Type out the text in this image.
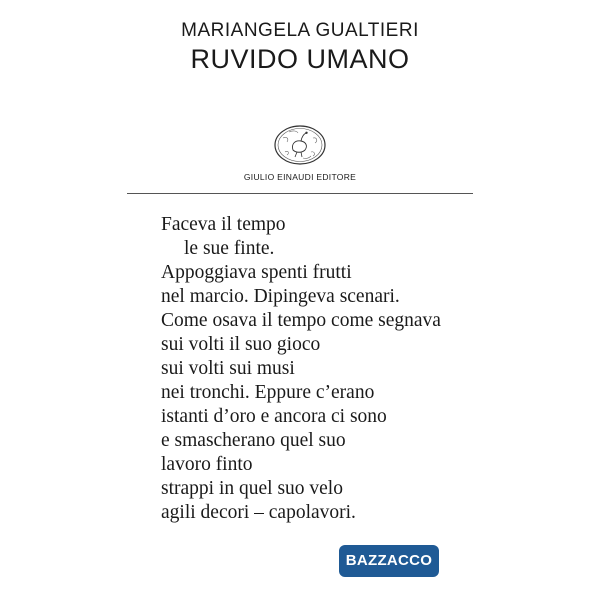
MARIANGELA GUALTIERI
RUVIDO UMANO
GIULIO EINAUDI EDITORE
Faceva il tempo
le sue finte.
Appoggiava spenti frutti
nel marcio. Dipingeva scenari.
Come osava il tempo come segnava
sui volti il suo gioco
sui volti sui musi
nei tronchi. Eppure c’erano
istanti d’oro e ancora ci sono
e smascherano quel suo
lavoro finto
strappi in quel suo velo
agili decori – capolavori.
BAZZACCO
